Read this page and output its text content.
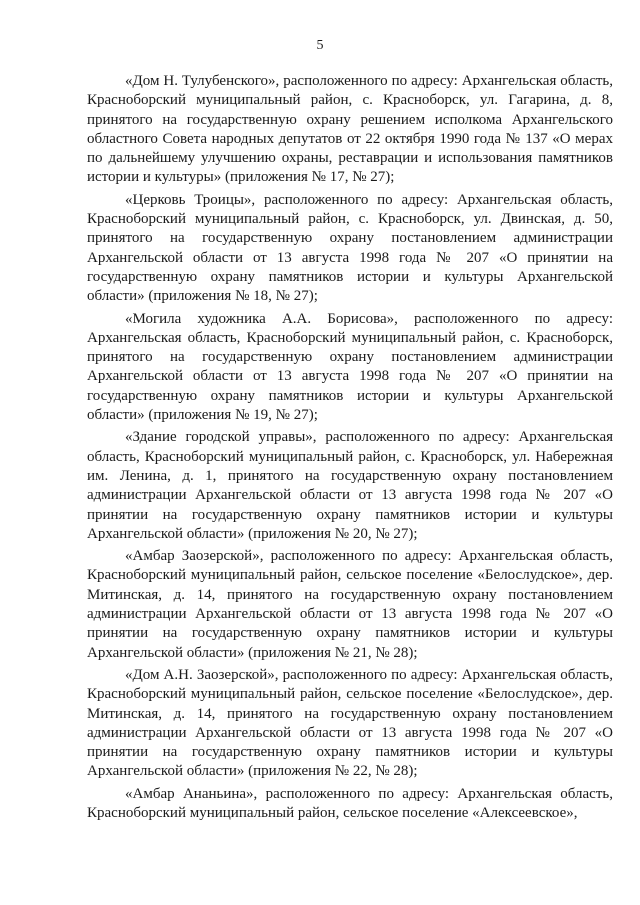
5

«Дом Н. Тулубенского», расположенного по адресу: Архангельская область, Красноборский муниципальный район, с. Красноборск, ул. Гагарина, д. 8, принятого на государственную охрану решением исполкома Архангельского областного Совета народных депутатов от 22 октября 1990 года № 137 «О мерах по дальнейшему улучшению охраны, реставрации и использования памятников истории и культуры» (приложения № 17, № 27);

«Церковь Троицы», расположенного по адресу: Архангельская область, Красноборский муниципальный район, с. Красноборск, ул. Двинская, д. 50, принятого на государственную охрану постановлением администрации Архангельской области от 13 августа 1998 года № 207 «О принятии на государственную охрану памятников истории и культуры Архангельской области» (приложения № 18, № 27);

«Могила художника А.А. Борисова», расположенного по адресу: Архангельская область, Красноборский муниципальный район, с. Красноборск, принятого на государственную охрану постановлением администрации Архангельской области от 13 августа 1998 года № 207 «О принятии на государственную охрану памятников истории и культуры Архангельской области» (приложения № 19, № 27);

«Здание городской управы», расположенного по адресу: Архангельская область, Красноборский муниципальный район, с. Красноборск, ул. Набережная им. Ленина, д. 1, принятого на государственную охрану постановлением администрации Архангельской области от 13 августа 1998 года № 207 «О принятии на государственную охрану памятников истории и культуры Архангельской области» (приложения № 20, № 27);

«Амбар Заозерской», расположенного по адресу: Архангельская область, Красноборский муниципальный район, сельское поселение «Белослудское», дер. Митинская, д. 14, принятого на государственную охрану постановлением администрации Архангельской области от 13 августа 1998 года № 207 «О принятии на государственную охрану памятников истории и культуры Архангельской области» (приложения № 21, № 28);

«Дом А.Н. Заозерской», расположенного по адресу: Архангельская область, Красноборский муниципальный район, сельское поселение «Белослудское», дер. Митинская, д. 14, принятого на государственную охрану постановлением администрации Архангельской области от 13 августа 1998 года № 207 «О принятии на государственную охрану памятников истории и культуры Архангельской области» (приложения № 22, № 28);

«Амбар Ананьина», расположенного по адресу: Архангельская область, Красноборский муниципальный район, сельское поселение «Алексеевское»,
